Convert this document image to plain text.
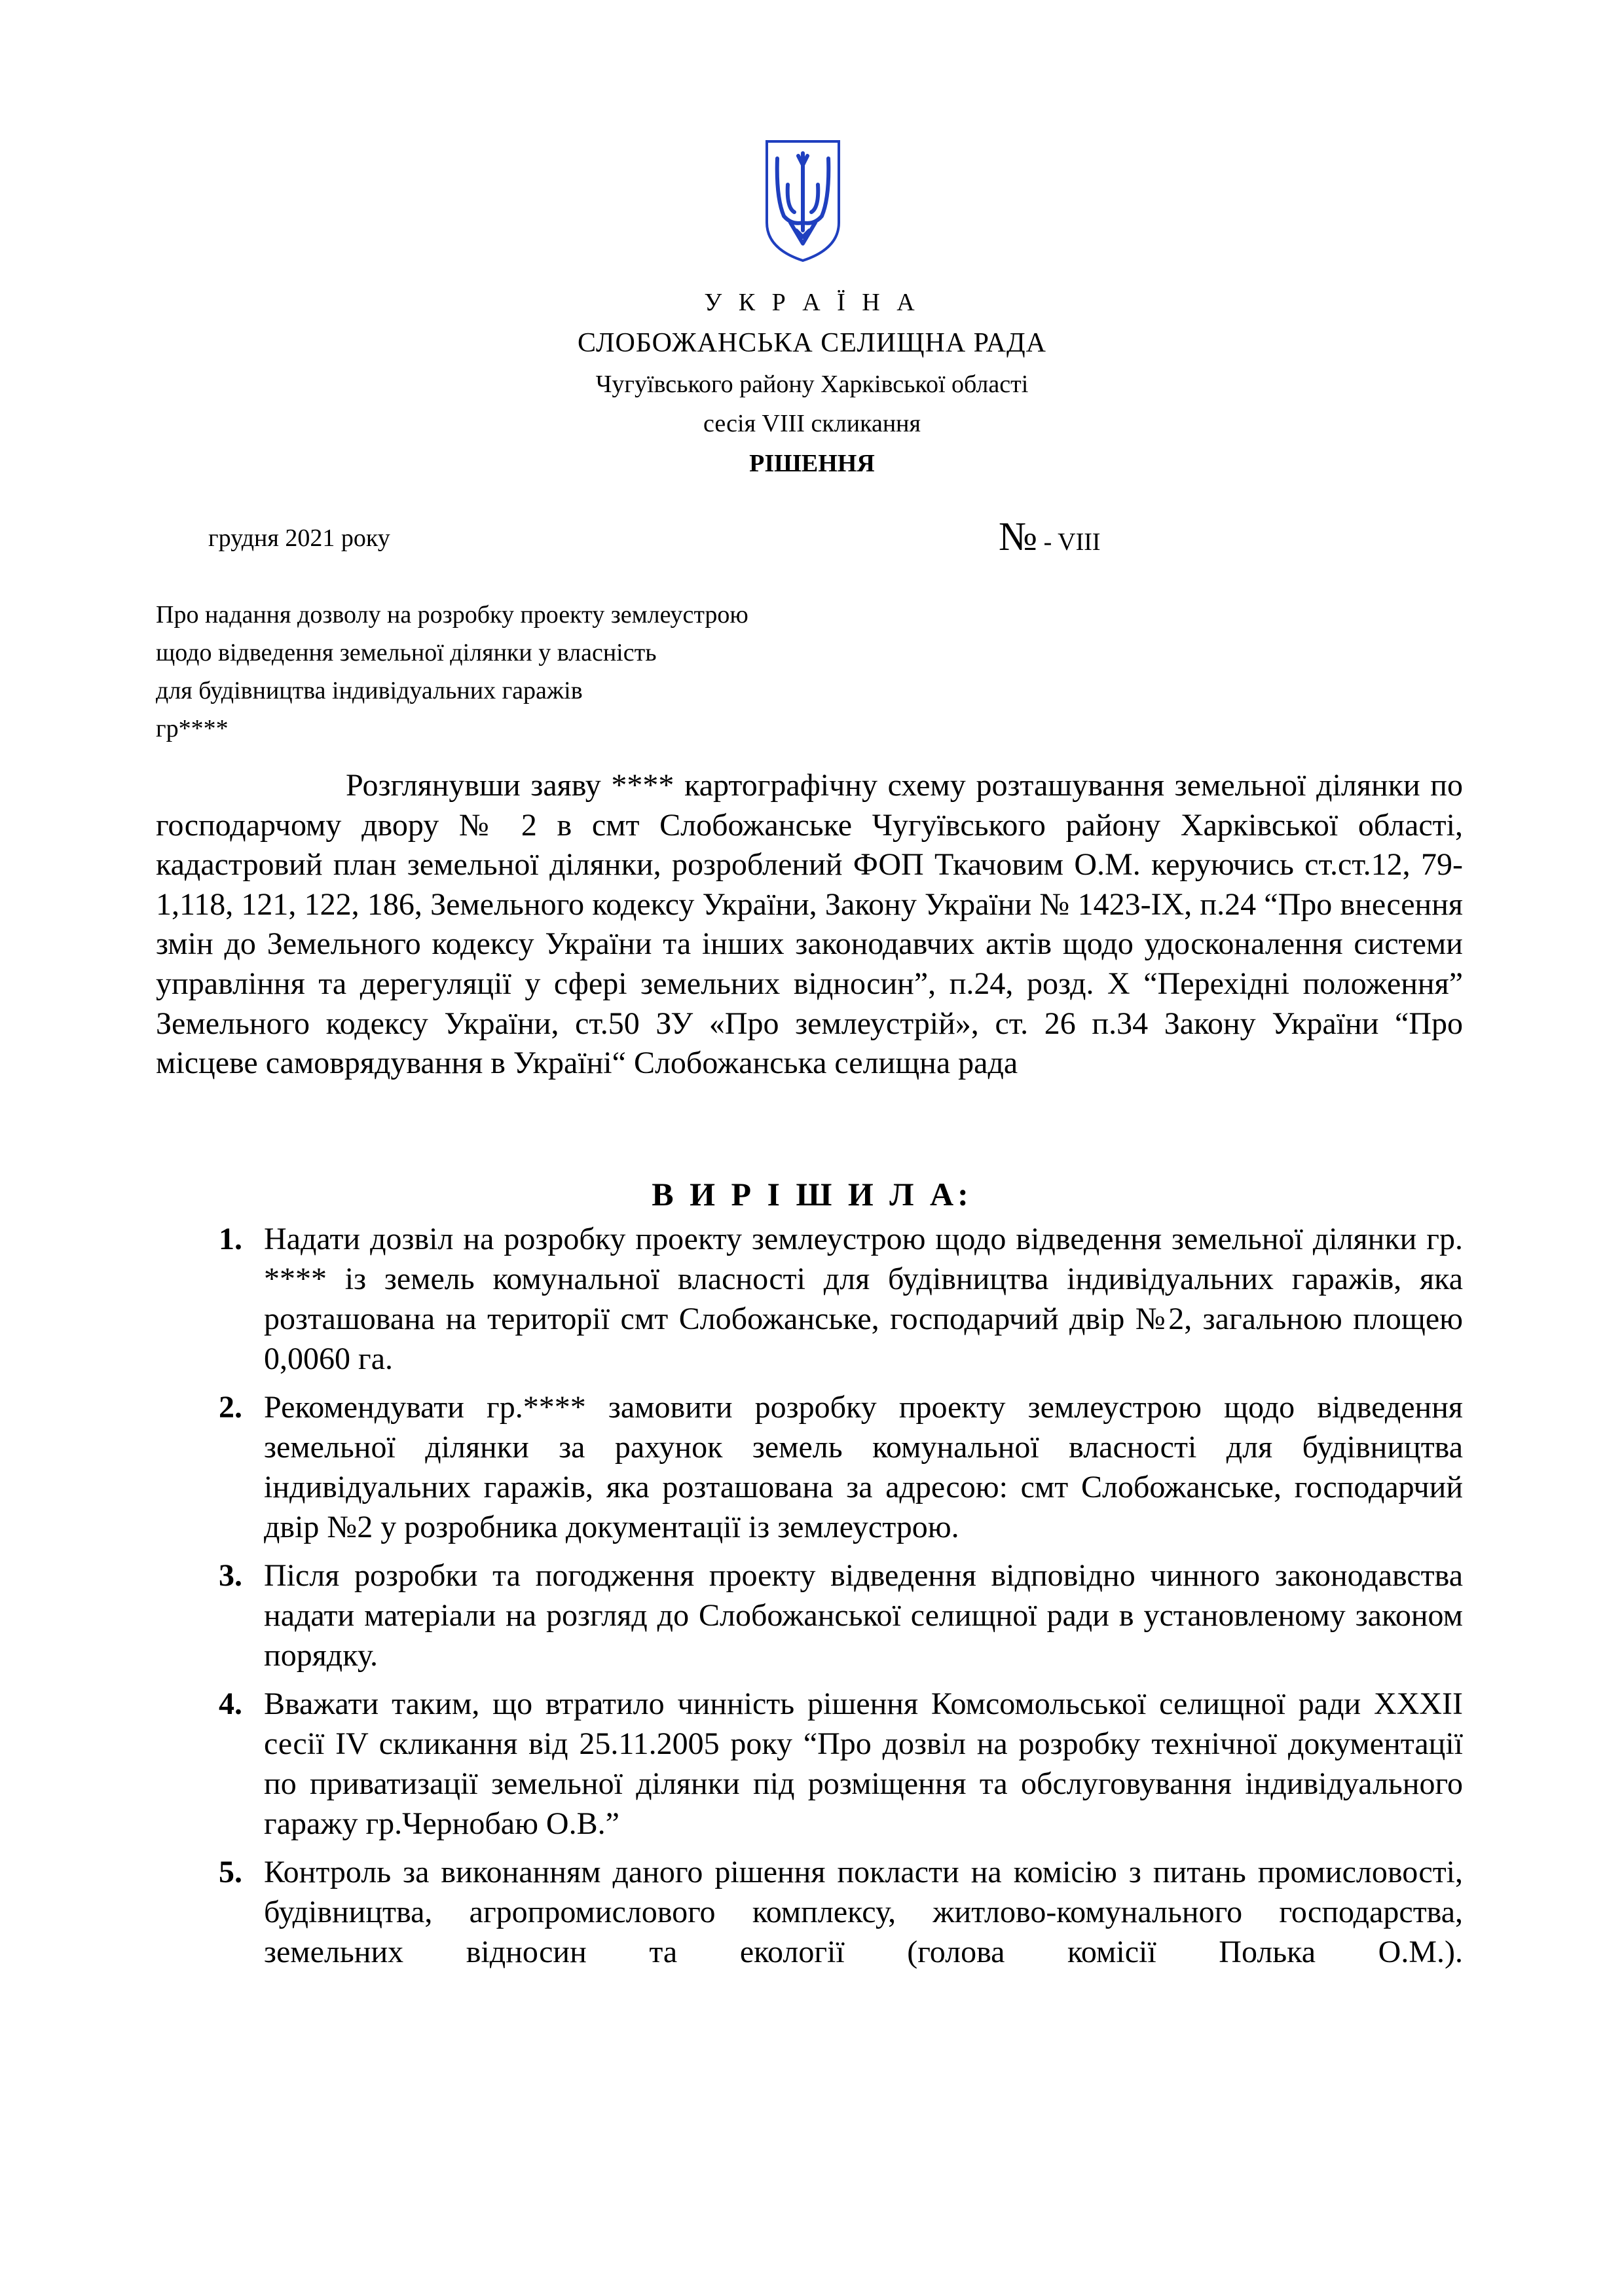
У К Р А Ї Н А
СЛОБОЖАНСЬКА СЕЛИЩНА РАДА
Чугуївського району Харківської області
сесія VIII скликання
РІШЕННЯ
грудня 2021 року	№ - VIII
Про надання дозволу на розробку проекту землеустрою
щодо відведення земельної ділянки у власність
для будівництва індивідуальних гаражів
гр****
Розглянувши заяву **** картографічну схему розташування земельної ділянки по господарчому двору № 2 в смт Слобожанське Чугуївського району Харківської області, кадастровий план земельної ділянки, розроблений ФОП Ткачовим О.М. керуючись ст.ст.12, 79-1,118, 121, 122, 186, Земельного кодексу України, Закону України № 1423-IX, п.24 “Про внесення змін до Земельного кодексу України та інших законодавчих актів щодо удосконалення системи управління та дерегуляції у сфері земельних відносин”, п.24, розд. X “Перехідні положення” Земельного кодексу України, ст.50 ЗУ «Про землеустрій», ст. 26 п.34 Закону України “Про місцеве самоврядування в Україні“ Слобожанська селищна рада
В И Р І Ш И Л А:
1. Надати дозвіл на розробку проекту землеустрою щодо відведення земельної ділянки гр. **** із земель комунальної власності для будівництва індивідуальних гаражів, яка розташована на території смт Слобожанське, господарчий двір №2, загальною площею 0,0060 га.
2. Рекомендувати гр.**** замовити розробку проекту землеустрою щодо відведення земельної ділянки за рахунок земель комунальної власності для будівництва індивідуальних гаражів, яка розташована за адресою: смт Слобожанське, господарчий двір №2 у розробника документації із землеустрою.
3. Після розробки та погодження проекту відведення відповідно чинного законодавства надати матеріали на розгляд до Слобожанської селищної ради в установленому законом порядку.
4. Вважати таким, що втратило чинність рішення Комсомольської селищної ради XXXII сесії IV скликання від 25.11.2005 року “Про дозвіл на розробку технічної документації по приватизації земельної ділянки під розміщення та обслуговування індивідуального гаражу гр.Чернобаю О.В.”
5. Контроль за виконанням даного рішення покласти на комісію з питань промисловості, будівництва, агропромислового комплексу, житлово-комунального господарства, земельних відносин та екології (голова комісії Полька О.М.).
